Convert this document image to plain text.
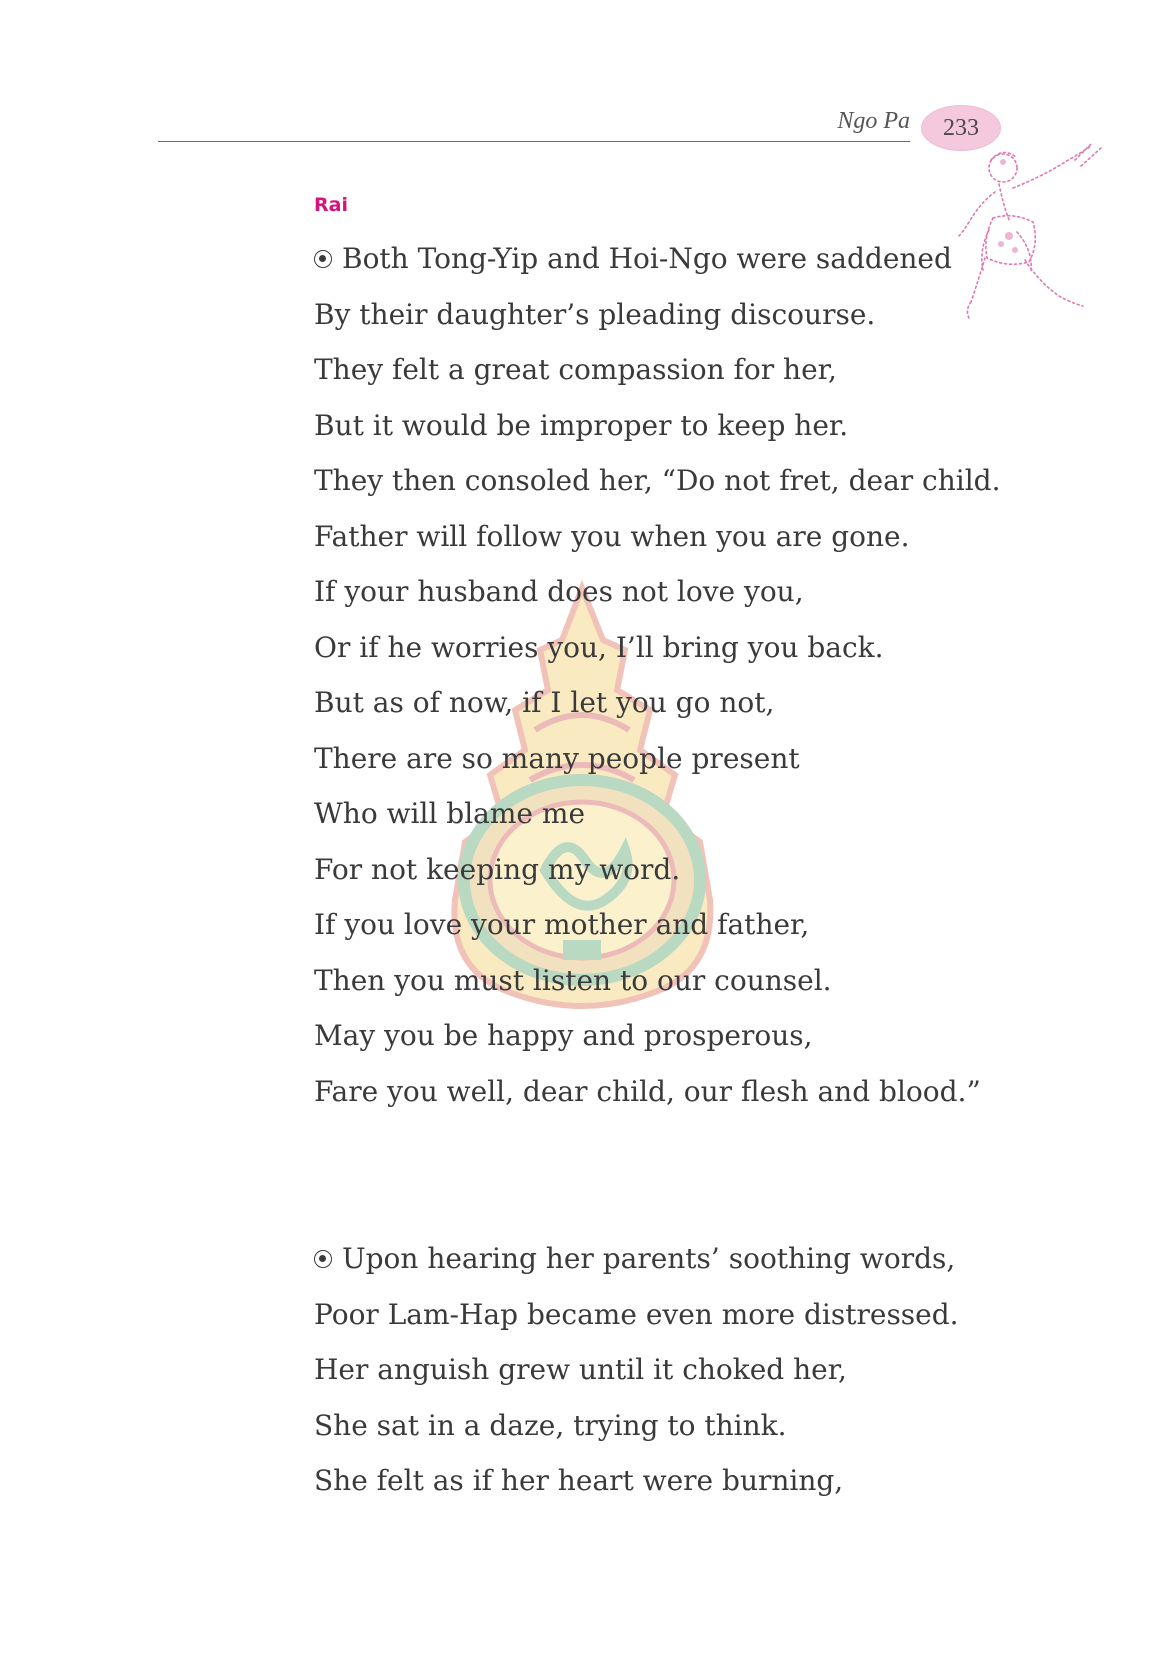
Ngo Pa 233
Rai
Both Tong-Yip and Hoi-Ngo were saddened
By their daughter’s pleading discourse.
They felt a great compassion for her,
But it would be improper to keep her.
They then consoled her, “Do not fret, dear child.
Father will follow you when you are gone.
If your husband does not love you,
Or if he worries you, I’ll bring you back.
But as of now, if I let you go not,
There are so many people present
Who will blame me
For not keeping my word.
If you love your mother and father,
Then you must listen to our counsel.
May you be happy and prosperous,
Fare you well, dear child, our flesh and blood.”
Upon hearing her parents’ soothing words,
Poor Lam-Hap became even more distressed.
Her anguish grew until it choked her,
She sat in a daze, trying to think.
She felt as if her heart were burning,
